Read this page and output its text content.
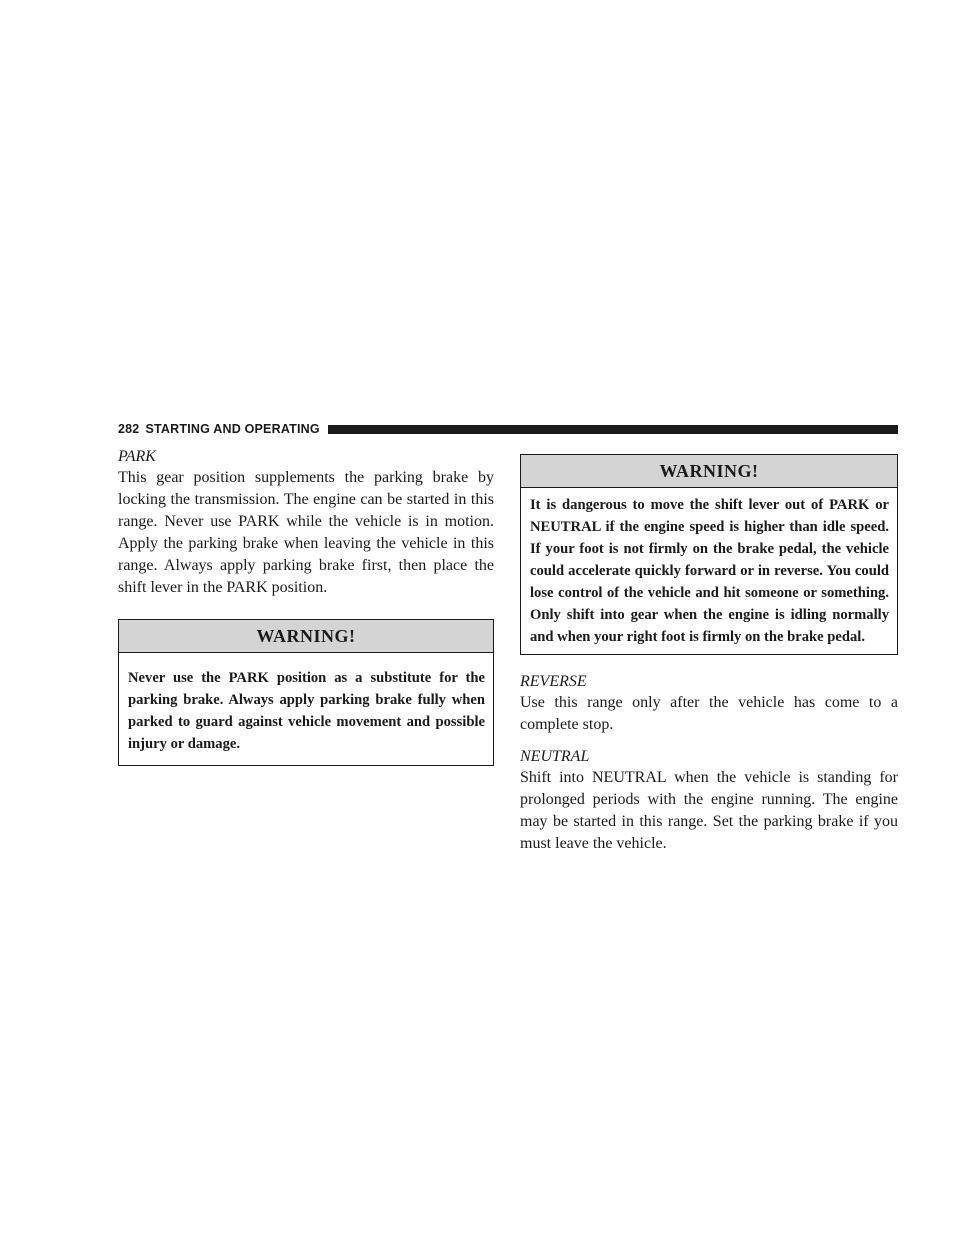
282 STARTING AND OPERATING

PARK

This gear position supplements the parking brake by locking the transmission. The engine can be started in this range. Never use PARK while the vehicle is in motion. Apply the parking brake when leaving the vehicle in this range. Always apply parking brake first, then place the shift lever in the PARK position.

WARNING!
Never use the PARK position as a substitute for the parking brake. Always apply parking brake fully when parked to guard against vehicle movement and possible injury or damage.
WARNING!
It is dangerous to move the shift lever out of PARK or NEUTRAL if the engine speed is higher than idle speed. If your foot is not firmly on the brake pedal, the vehicle could accelerate quickly forward or in reverse. You could lose control of the vehicle and hit someone or something. Only shift into gear when the engine is idling normally and when your right foot is firmly on the brake pedal.

REVERSE

Use this range only after the vehicle has come to a complete stop.

NEUTRAL

Shift into NEUTRAL when the vehicle is standing for prolonged periods with the engine running. The engine may be started in this range. Set the parking brake if you must leave the vehicle.
